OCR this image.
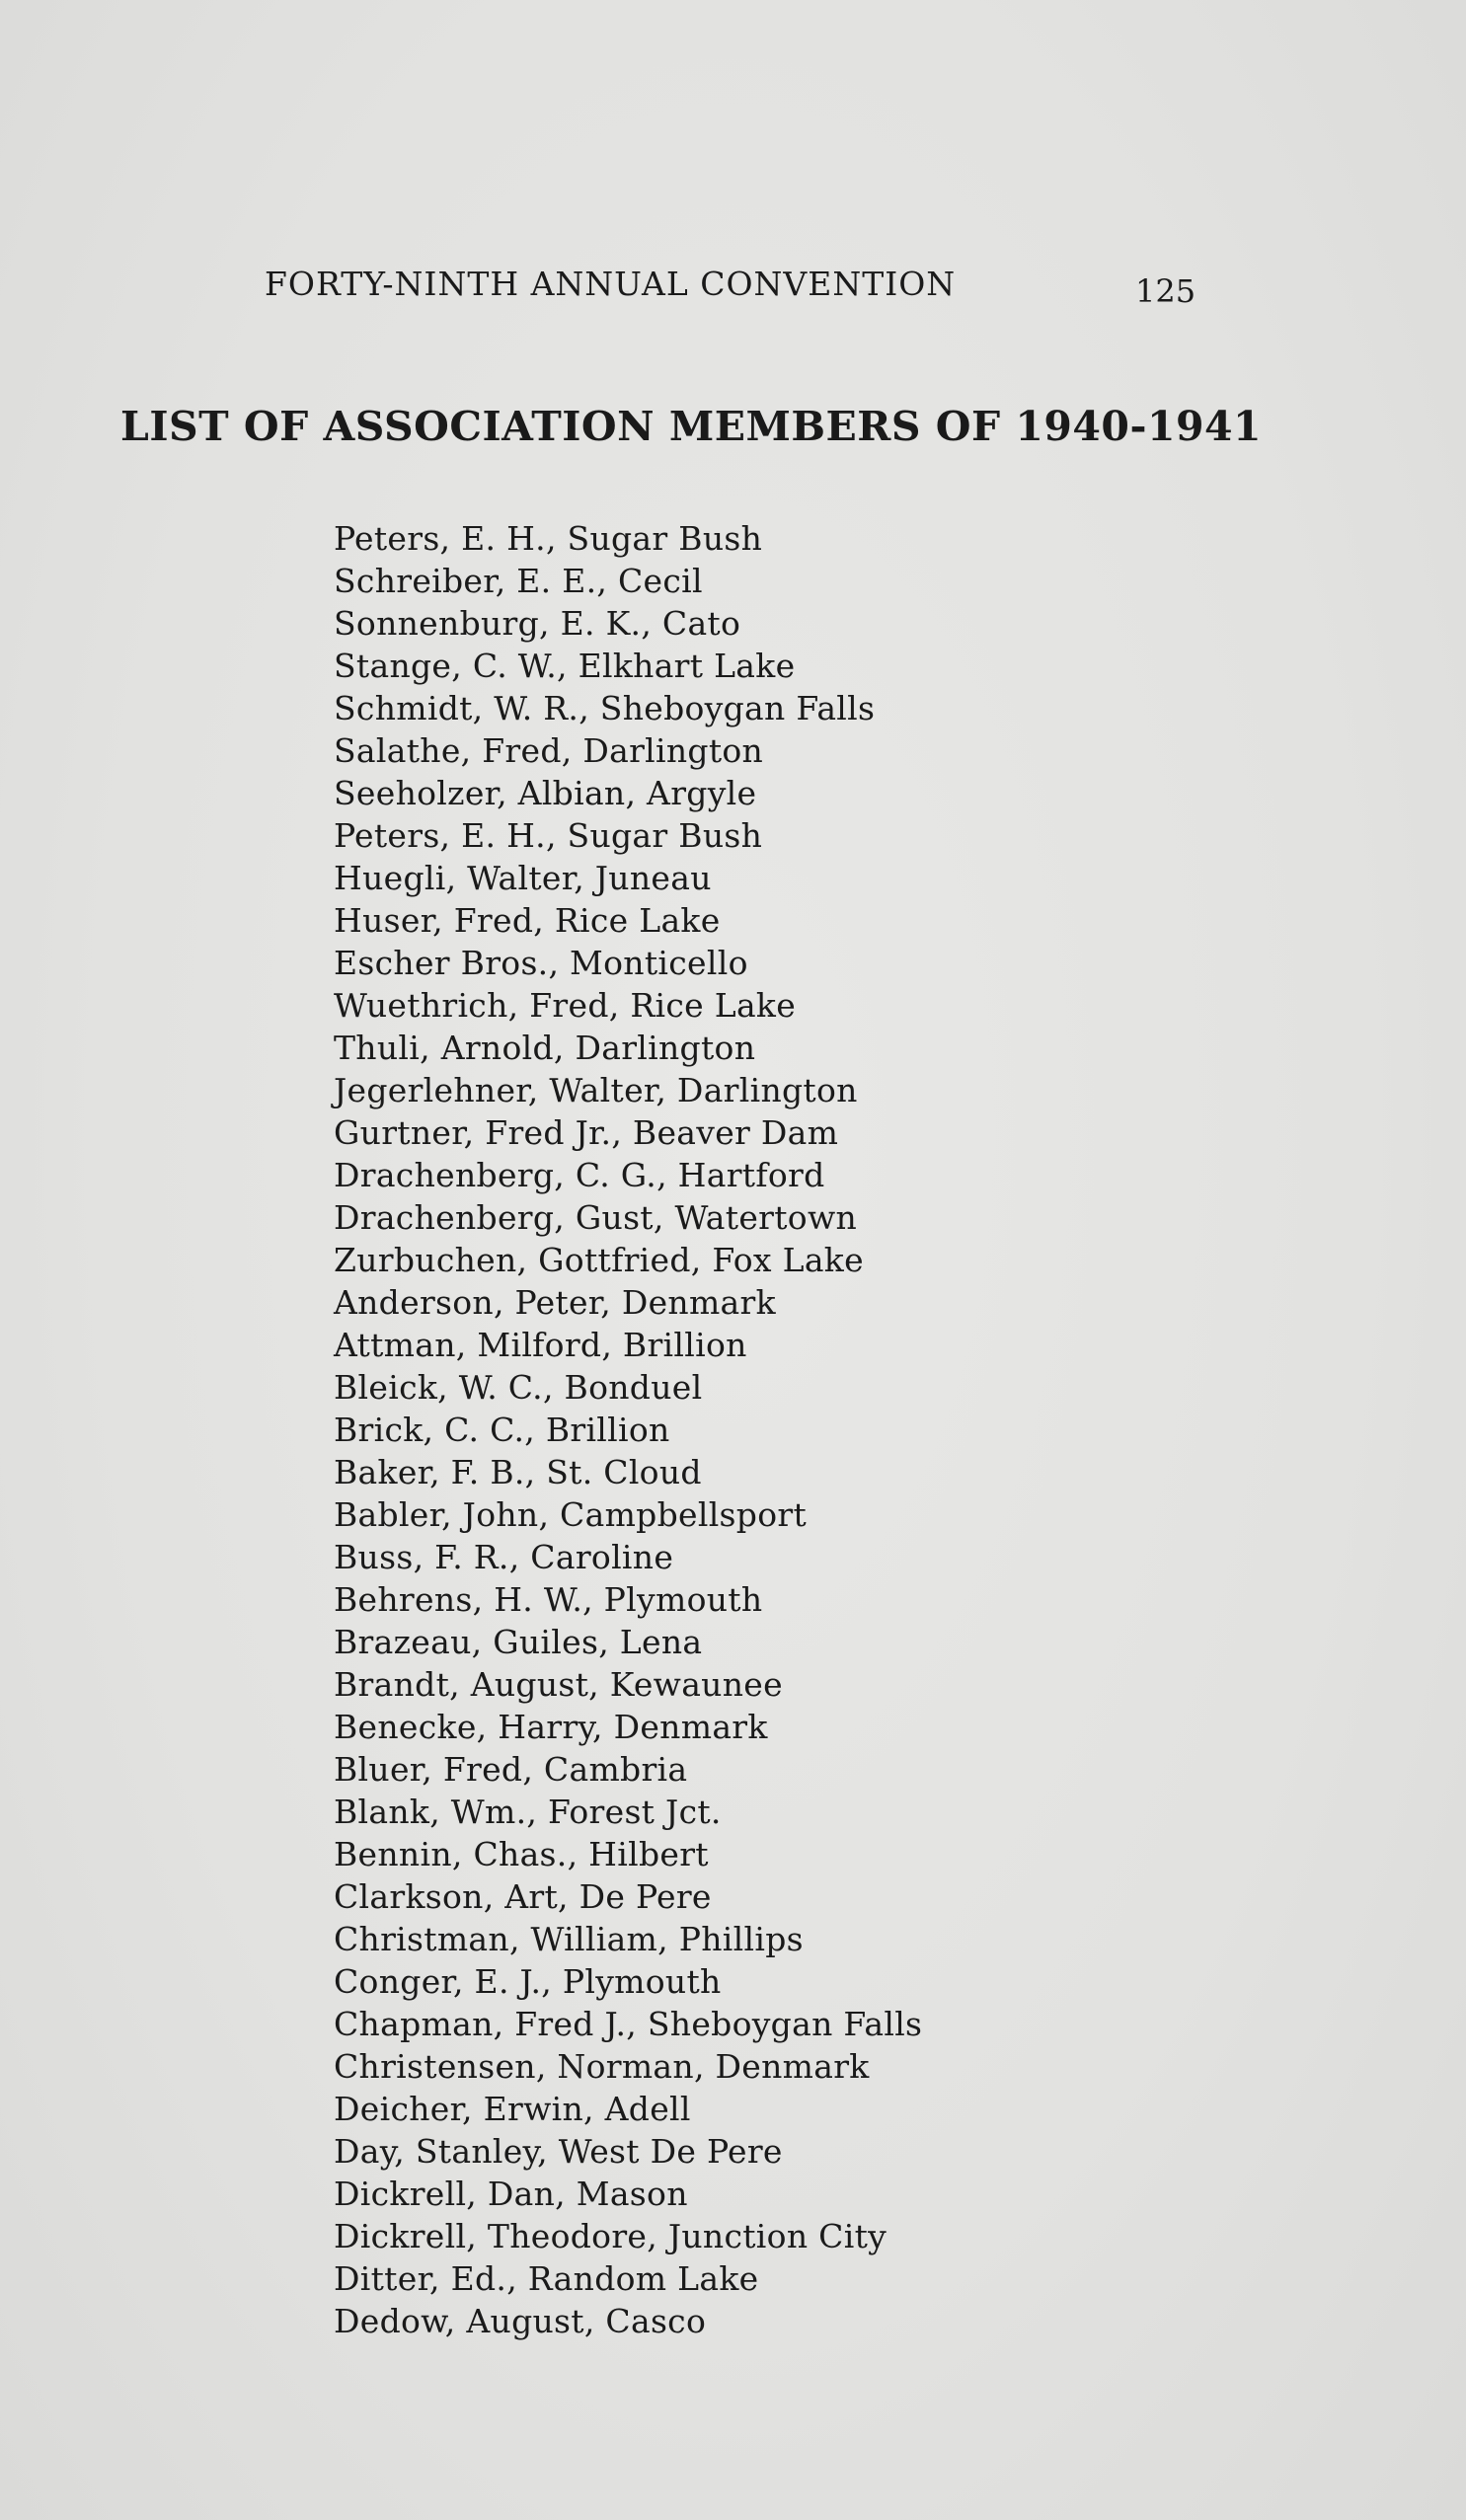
FORTY-NINTH ANNUAL CONVENTION	125
LIST OF ASSOCIATION MEMBERS OF 1940-1941
Peters, E. H., Sugar Bush
Schreiber, E. E., Cecil
Sonnenburg, E. K., Cato
Stange, C. W., Elkhart Lake
Schmidt, W. R., Sheboygan Falls
Salathe, Fred, Darlington
Seeholzer, Albian, Argyle
Peters, E. H., Sugar Bush
Huegli, Walter, Juneau
Huser, Fred, Rice Lake
Escher Bros., Monticello
Wuethrich, Fred, Rice Lake
Thuli, Arnold, Darlington
Jegerlehner, Walter, Darlington
Gurtner, Fred Jr., Beaver Dam
Drachenberg, C. G., Hartford
Drachenberg, Gust, Watertown
Zurbuchen, Gottfried, Fox Lake
Anderson, Peter, Denmark
Attman, Milford, Brillion
Bleick, W. C., Bonduel
Brick, C. C., Brillion
Baker, F. B., St. Cloud
Babler, John, Campbellsport
Buss, F. R., Caroline
Behrens, H. W., Plymouth
Brazeau, Guiles, Lena
Brandt, August, Kewaunee
Benecke, Harry, Denmark
Bluer, Fred, Cambria
Blank, Wm., Forest Jct.
Bennin, Chas., Hilbert
Clarkson, Art, De Pere
Christman, William, Phillips
Conger, E. J., Plymouth
Chapman, Fred J., Sheboygan Falls
Christensen, Norman, Denmark
Deicher, Erwin, Adell
Day, Stanley, West De Pere
Dickrell, Dan, Mason
Dickrell, Theodore, Junction City
Ditter, Ed., Random Lake
Dedow, August, Casco
